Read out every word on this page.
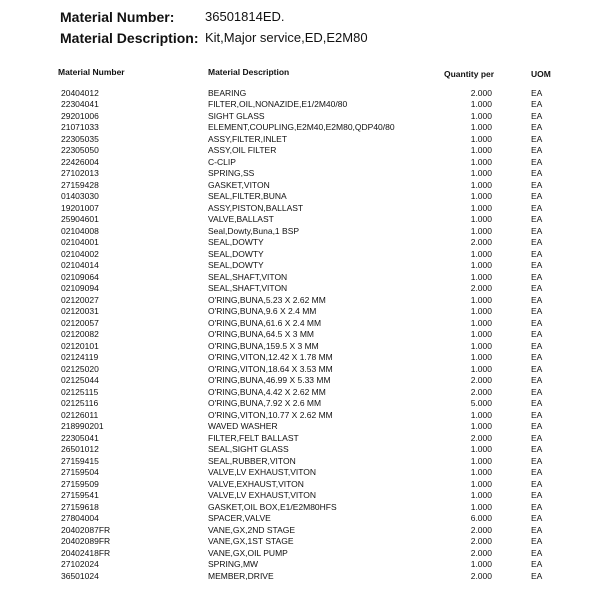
Material Number: 36501814ED.
Material Description: Kit,Major service,ED,E2M80
Material Number	Material Description	Quantity per	UOM
20404012	BEARING	2.000	EA
22304041	FILTER,OIL,NONAZIDE,E1/2M40/80	1.000	EA
29201006	SIGHT GLASS	1.000	EA
21071033	ELEMENT,COUPLING,E2M40,E2M80,QDP40/80	1.000	EA
22305035	ASSY,FILTER,INLET	1.000	EA
22305050	ASSY,OIL FILTER	1.000	EA
22426004	C-CLIP	1.000	EA
27102013	SPRING,SS	1.000	EA
27159428	GASKET,VITON	1.000	EA
01403030	SEAL,FILTER,BUNA	1.000	EA
19201007	ASSY,PISTON,BALLAST	1.000	EA
25904601	VALVE,BALLAST	1.000	EA
02104008	Seal,Dowty,Buna,1 BSP	1.000	EA
02104001	SEAL,DOWTY	2.000	EA
02104002	SEAL,DOWTY	1.000	EA
02104014	SEAL,DOWTY	1.000	EA
02109064	SEAL,SHAFT,VITON	1.000	EA
02109094	SEAL,SHAFT,VITON	2.000	EA
02120027	O'RING,BUNA,5.23 X 2.62 MM	1.000	EA
02120031	O'RING,BUNA,9.6 X 2.4 MM	1.000	EA
02120057	O'RING,BUNA,61.6 X 2.4 MM	1.000	EA
02120082	O'RING,BUNA,64.5 X 3 MM	1.000	EA
02120101	O'RING,BUNA,159.5 X 3 MM	1.000	EA
02124119	O'RING,VITON,12.42 X 1.78 MM	1.000	EA
02125020	O'RING,VITON,18.64 X 3.53 MM	1.000	EA
02125044	O'RING,BUNA,46.99 X 5.33 MM	2.000	EA
02125115	O'RING,BUNA,4.42 X 2.62 MM	2.000	EA
02125116	O'RING,BUNA,7.92 X 2.6 MM	5.000	EA
02126011	O'RING,VITON,10.77 X 2.62 MM	1.000	EA
218990201	WAVED WASHER	1.000	EA
22305041	FILTER,FELT BALLAST	2.000	EA
26501012	SEAL,SIGHT GLASS	1.000	EA
27159415	SEAL,RUBBER,VITON	1.000	EA
27159504	VALVE,LV EXHAUST,VITON	1.000	EA
27159509	VALVE,EXHAUST,VITON	1.000	EA
27159541	VALVE,LV EXHAUST,VITON	1.000	EA
27159618	GASKET,OIL BOX,E1/E2M80HFS	1.000	EA
27804004	SPACER,VALVE	6.000	EA
20402087FR	VANE,GX,2ND STAGE	2.000	EA
20402089FR	VANE,GX,1ST STAGE	2.000	EA
20402418FR	VANE,GX,OIL PUMP	2.000	EA
27102024	SPRING,MW	1.000	EA
36501024	MEMBER,DRIVE	2.000	EA
